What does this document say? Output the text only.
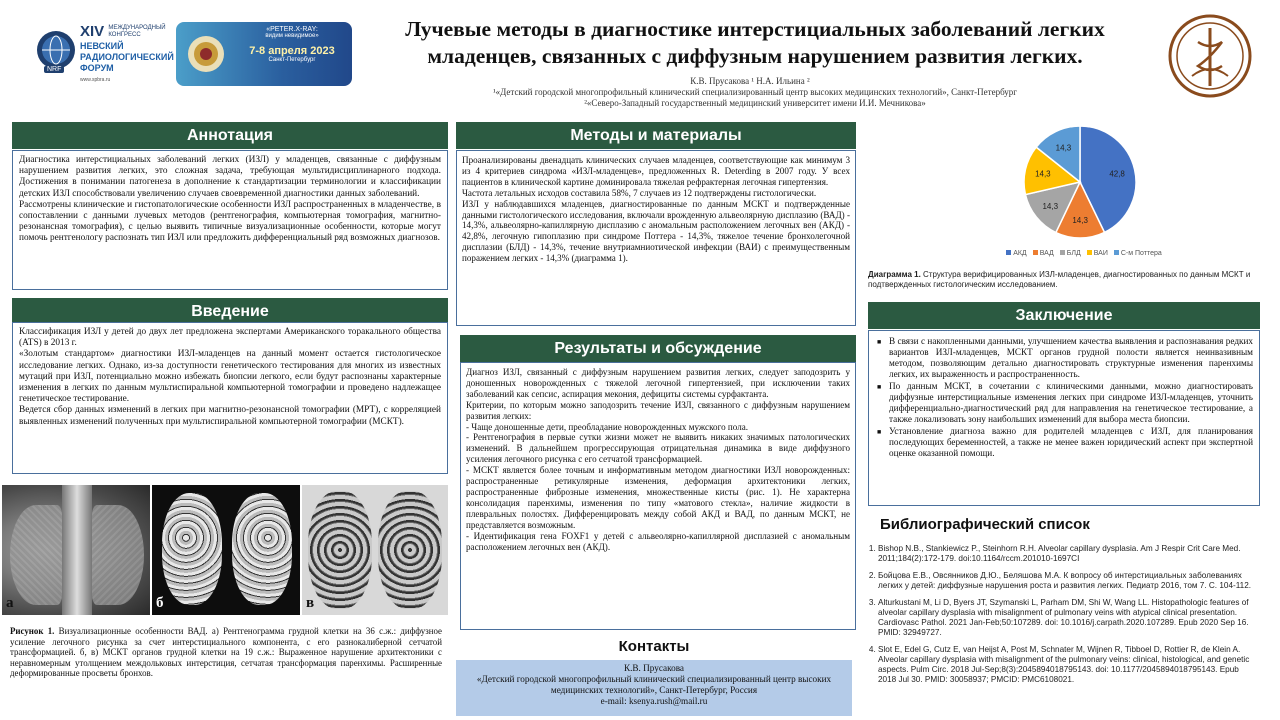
NRF
XIV МЕЖДУНАРОДНЫЙ КОНГРЕСС
НЕВСКИЙ РАДИОЛОГИЧЕСКИЙ ФОРУМ
www.spbra.ru
«PETER.X-RAY:
видим невидимое»
7-8 апреля 2023
Санкт-Петербург
Лучевые методы в диагностике интерстициальных заболеваний легких
младенцев, связанных с диффузным нарушением развития легких.
К.В. Прусакова ¹ Н.А. Ильина ²
¹«Детский городской многопрофильный клинический специализированный центр высоких медицинских технологий», Санкт-Петербург
²«Северо-Западный государственный медицинский университет имени И.И. Мечникова»
Аннотация

Диагностика интерстициальных заболеваний легких (ИЗЛ) у младенцев, связанные с диффузным нарушением развития легких, это сложная задача, требующая мультидисциплинарного подхода. Достижения в понимании патогенеза в дополнение к стандартизации терминологии и классификации детских ИЗЛ способствовали увеличению случаев своевременной диагностики данных заболеваний.

Рассмотрены клинические и гистопатологические особенности ИЗЛ распространенных в младенчестве, в сопоставлении с данными лучевых методов (рентгенография, компьютерная томография, магнитно-резонансная томография), с целью выявить типичные визуализационные особенности, которые могут помочь рентгенологу распознать тип ИЗЛ или предложить дифференциальный ряд возможных диагнозов.

Введение

Классификация ИЗЛ у детей до двух лет предложена экспертами Американского торакального общества (ATS) в 2013 г.

«Золотым стандартом» диагностики ИЗЛ-младенцев на данный момент остается гистологическое исследование легких. Однако, из-за доступности генетического тестирования для многих из известных мутаций при ИЗЛ, потенциально можно избежать биопсии легкого, если будут распознаны характерные изменения в легких по данным мультиспиральной компьютерной томографии и проведено надлежащее генетическое тестирование.

Ведется сбор данных изменений в легких при магнитно-резонансной томографии (МРТ), с корреляцией выявленных изменений полученных при мультиспиральной компьютерной томографии (МСКТ).

а	б	в
Рисунок 1. Визуализационные особенности ВАД. а) Рентгенограмма грудной клетки на 36 с.ж.: диффузное усиление легочного рисунка за счет интерстициального компонента, с его разнокалиберной сетчатой трансформацией. б, в) МСКТ органов грудной клетки на 19 с.ж.: Выраженное нарушение архитектоники с неравномерным утолщением междольковых интерстиция, сетчатая трансформация паренхимы. Расширенные деформированные просветы бронхов.
Методы и материалы

Проанализированы двенадцать клинических случаев младенцев, соответствующие как минимум 3 из 4 критериев синдрома «ИЗЛ-младенцев», предложенных R. Deterding в 2007 году. У всех пациентов в клинической картине доминировала тяжелая рефрактерная легочная гипертензия.

Частота летальных исходов составила 58%, 7 случаев из 12 подтверждены гистологически.

ИЗЛ у наблюдавшихся младенцев, диагностированные по данным МСКТ и подтвержденные данными гистологического исследования, включали врожденную альвеолярную дисплазию (ВАД) - 14,3%, альвеолярно-капиллярную дисплазию с аномальным расположением легочных вен (АКД) - 42,8%, легочную гипоплазию при синдроме Поттера - 14,3%, тяжелое течение бронхолегочной дисплазии (БЛД) - 14,3%, течение внутриамниотической инфекции (ВАИ) с преимущественным поражением легких - 14,3% (диаграмма 1).

Результаты и обсуждение

Диагноз ИЗЛ, связанный с диффузным нарушением развития легких, следует заподозрить у доношенных новорожденных с тяжелой легочной гипертензией, при исключении таких заболеваний как сепсис, аспирация мекония, дефициты системы сурфактанта.

Критерии, по которым можно заподозрить течение ИЗЛ, связанного с диффузным нарушением развития легких:

- Чаще доношенные дети, преобладание новорожденных мужского пола.

- Рентгенография в первые сутки жизни может не выявить никаких значимых патологических изменений. В дальнейшем прогрессирующая отрицательная динамика в виде диффузного усиления легочного рисунка с его сетчатой трансформацией.

- МСКТ является более точным и информативным методом диагностики ИЗЛ новорожденных: распространенные ретикулярные изменения, деформация архитектоники легких, распространенные фиброзные изменения, множественные кисты (рис. 1). Не характерна консолидация паренхимы, изменения по типу «матового стекла», наличие жидкости в плевральных полостях. Дифференцировать между собой АКД и ВАД, по данным МСКТ, не представляется возможным.

- Идентификация гена FOXF1 у детей с альвеолярно-капиллярной дисплазией с аномальным расположением легочных вен (АКД).

Контакты
К.В. Прусакова
«Детский городской многопрофильный клинический специализированный центр высоких медицинских технологий», Санкт-Петербург, Россия
e-mail: ksenya.rush@mail.ru
42,8
14,3
14,3
14,3
14,3
АКД	ВАД	БЛД	ВАИ	С-м Поттера
Диаграмма 1. Структура верифицированных ИЗЛ-младенцев, диагностированных по данным МСКТ и подтвержденных гистологическим исследованием.
Заключение
■ В связи с накопленными данными, улучшением качества выявления и распознавания редких вариантов ИЗЛ-младенцев, МСКТ органов грудной полости является неинвазивным методом, позволяющим детально диагностировать структурные изменения паренхимы легких, их выраженность и распространенность.
■ По данным МСКТ, в сочетании с клиническими данными, можно диагностировать диффузные интерстициальные изменения легких при синдроме ИЗЛ-младенцев, уточнить дифференциально-диагностический ряд для направления на генетическое тестирование, а также локализовать зону наибольших изменений для выбора места биопсии.
■ Установление диагноза важно для родителей младенцев с ИЗЛ, для планирования последующих беременностей, а также не менее важен юридический аспект при экспертной оценке оказанной помощи.
Библиографический список
1. Bishop N.B., Stankiewicz P., Steinhorn R.H. Alveolar capillary dysplasia. Am J Respir Crit Care Med. 2011;184(2):172-179. doi:10.1164/rccm.201010-1697CI
2. Бойцова Е.В., Овсянников Д.Ю., Беляшова М.А. К вопросу об интерстициальных заболеваниях легких у детей: диффузные нарушения роста и развития легких. Педиатр 2016, том 7. С. 104-112.
3. Alturkustani M, Li D, Byers JT, Szymanski L, Parham DM, Shi W, Wang LL. Histopathologic features of alveolar capillary dysplasia with misalignment of pulmonary veins with atypical clinical presentation. Cardiovasc Pathol. 2021 Jan-Feb;50:107289. doi: 10.1016/j.carpath.2020.107289. Epub 2020 Sep 16. PMID: 32949727.
4. Slot E, Edel G, Cutz E, van Heijst A, Post M, Schnater M, Wijnen R, Tibboel D, Rottier R, de Klein A. Alveolar capillary dysplasia with misalignment of the pulmonary veins: clinical, histological, and genetic aspects. Pulm Circ. 2018 Jul-Sep;8(3):2045894018795143. doi: 10.1177/2045894018795143. Epub 2018 Jul 30. PMID: 30058937; PMCID: PMC6108021.
